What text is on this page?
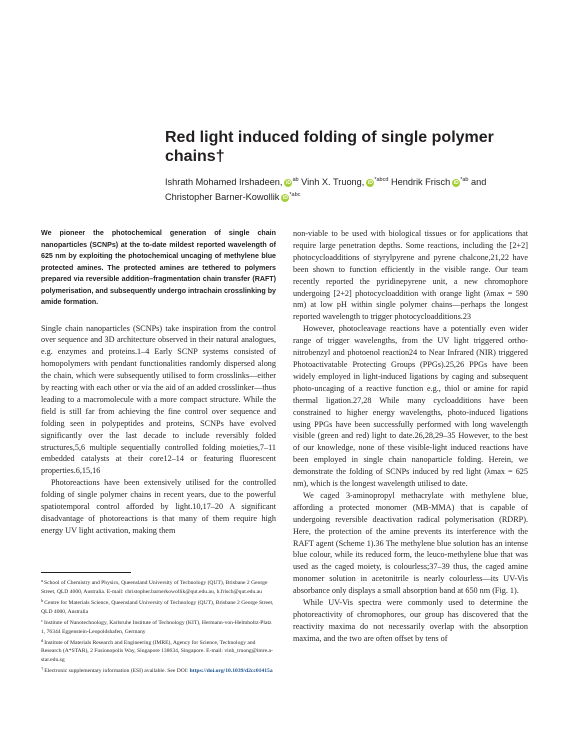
Red light induced folding of single polymer chains†
Ishrath Mohamed Irshadeen, iD $^{ab}$ Vinh X. Truong, iD $^{*abcd}$ Hendrik Frisch iD $^{*ab}$ and
Christopher Barner-Kowollik iD $^{*abc}$
We pioneer the photochemical generation of single chain nanoparticles (SCNPs) at the to-date mildest reported wavelength of 625 nm by exploiting the photochemical uncaging of methylene blue protected amines. The protected amines are tethered to polymers prepared via reversible addition–fragmentation chain transfer (RAFT) polymerisation, and subsequently undergo intrachain crosslinking by amide formation.
Single chain nanoparticles (SCNPs) take inspiration from the control over sequence and 3D architecture observed in their natural analogues, e.g. enzymes and proteins.1–4 Early SCNP systems consisted of homopolymers with pendant functionalities randomly dispersed along the chain, which were subsequently utilised to form crosslinks—either by reacting with each other or via the aid of an added crosslinker—thus leading to a macromolecule with a more compact structure. While the field is still far from achieving the fine control over sequence and folding seen in polypeptides and proteins, SCNPs have evolved significantly over the last decade to include reversibly folded structures,5,6 multiple sequentially controlled folding moieties,7–11 embedded catalysts at their core12–14 or featuring fluorescent properties.6,15,16
Photoreactions have been extensively utilised for the controlled folding of single polymer chains in recent years, due to the powerful spatiotemporal control afforded by light.10,17–20 A significant disadvantage of photoreactions is that many of them require high energy UV light activation, making them
non-viable to be used with biological tissues or for applications that require large penetration depths. Some reactions, including the [2+2] photocycloadditions of styrylpyrene and pyrene chalcone,21,22 have been shown to function efficiently in the visible range. Our team recently reported the pyridinepyrene unit, a new chromophore undergoing [2+2] photocycloaddition with orange light (λmax = 590 nm) at low pH within single polymer chains—perhaps the longest reported wavelength to trigger photocycloadditions.23
However, photocleavage reactions have a potentially even wider range of trigger wavelengths, from the UV light triggered ortho-nitrobenzyl and photoenol reaction24 to Near Infrared (NIR) triggered Photoactivatable Protecting Groups (PPGs).25,26 PPGs have been widely employed in light-induced ligations by caging and subsequent photo-uncaging of a reactive function e.g., thiol or amine for rapid thermal ligation.27,28 While many cycloadditions have been constrained to higher energy wavelengths, photo-induced ligations using PPGs have been successfully performed with long wavelength visible (green and red) light to date.26,28,29–35 However, to the best of our knowledge, none of these visible-light induced reactions have been employed in single chain nanoparticle folding. Herein, we demonstrate the folding of SCNPs induced by red light (λmax = 625 nm), which is the longest wavelength utilised to date.
We caged 3-aminopropyl methacrylate with methylene blue, affording a protected monomer (MB-MMA) that is capable of undergoing reversible deactivation radical polymerisation (RDRP). Here, the protection of the amine prevents its interference with the RAFT agent (Scheme 1).36 The methylene blue solution has an intense blue colour, while its reduced form, the leuco-methylene blue that was used as the caged moiety, is colourless;37–39 thus, the caged amine monomer solution in acetonitrile is nearly colourless—its UV-Vis absorbance only displays a small absorption band at 650 nm (Fig. 1).
While UV-Vis spectra were commonly used to determine the photoreactivity of chromophores, our group has discovered that the reactivity maxima do not necessarily overlap with the absorption maxima, and the two are often offset by tens of
$^a$School of Chemistry and Physics, Queensland University of Technology (QUT), Brisbane 2 George Street, QLD 4000, Australia. E-mail: christopher.barnerkowollik@qut.edu.au, h.frisch@qut.edu.au
$^b$Centre for Materials Science, Queensland University of Technology (QUT), Brisbane 2 George Street, QLD 4000, Australia
$^c$Institute of Nanotechnology, Karlsruhe Institute of Technology (KIT), Hermann-von-Helmholtz-Platz 1, 76344 Eggenstein-Leopoldshafen, Germany
$^d$Institute of Materials Research and Engineering (IMRE), Agency for Science, Technology and Research (A*STAR), 2 Fusionopolis Way, Singapore 138634, Singapore. E-mail: vinh_truong@imre.a-star.edu.sg
†Electronic supplementary information (ESI) available. See DOI: https://doi.org/10.1039/d2cc01415a
